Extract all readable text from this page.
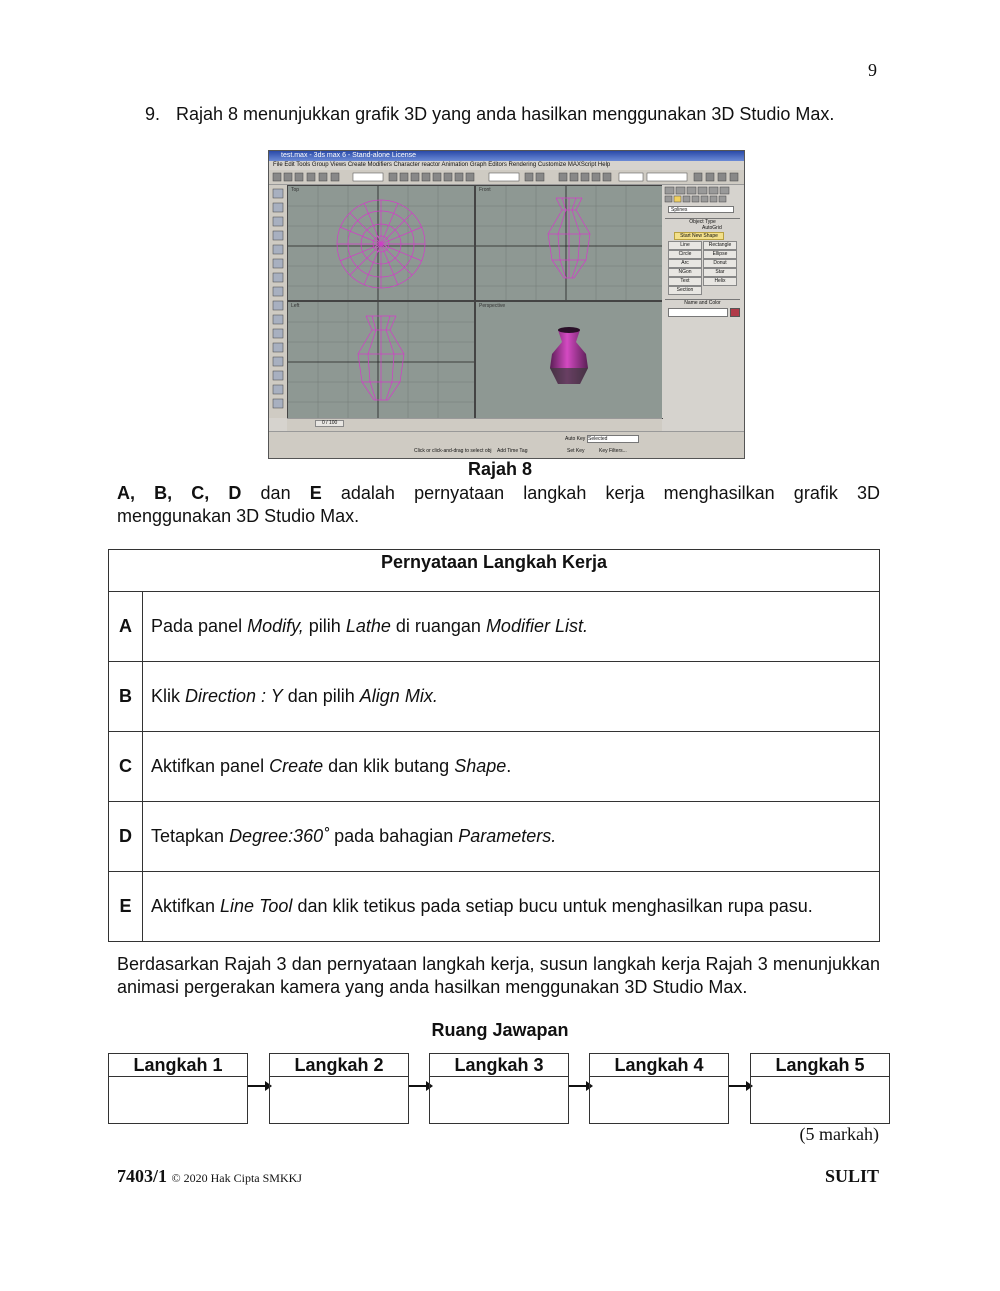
9
9. Rajah 8 menunjukkan grafik 3D yang anda hasilkan menggunakan 3D Studio Max.
test.max - 3ds max 6 - Stand-alone License
File Edit Tools Group Views Create Modifiers Character reactor Animation Graph Editors Rendering Customize MAXScript Help
Top	Front
Left	Perspective
Splines
Object Type
AutoGrid
Start New Shape
Line	Rectangle
Circle	Ellipse
Arc	Donut
NGon	Star
Text	Helix
Section
Name and Color
0 / 100
Click or click-and-drag to select obj Add Time Tag
Auto Key Selected
Set Key	Key Filters...
Rajah 8
A, B, C, D dan E adalah pernyataan langkah kerja menghasilkan grafik 3D
menggunakan 3D Studio Max.
Pernyataan Langkah Kerja	
A	Pada panel Modify, pilih Lathe di ruangan Modifier List.
B	Klik Direction : Y dan pilih Align Mix.
C	Aktifkan panel Create dan klik butang Shape.
D	Tetapkan Degree:360˚ pada bahagian Parameters.
E	Aktifkan Line Tool dan klik tetikus pada setiap bucu untuk menghasilkan rupa pasu.
Berdasarkan Rajah 3 dan pernyataan langkah kerja, susun langkah kerja Rajah 3 menunjukkan animasi pergerakan kamera yang anda hasilkan menggunakan 3D Studio Max.
Ruang Jawapan
Langkah 1	Langkah 2	Langkah 3	Langkah 4	Langkah 5
(5 markah)
7403/1 © 2020 Hak Cipta SMKKJ	SULIT
